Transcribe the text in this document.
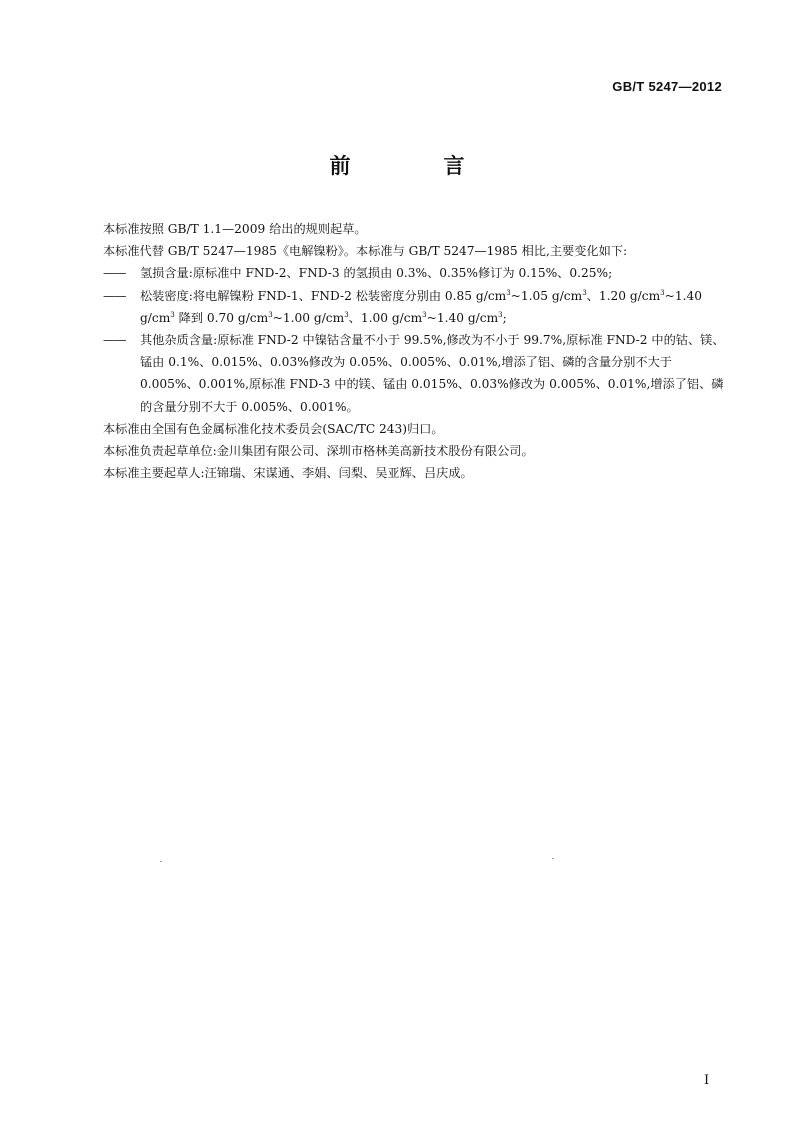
GB/T 5247—2012
前　言

本标准按照 GB/T 1.1—2009 给出的规则起草。

本标准代替 GB/T 5247—1985《电解镍粉》。本标准与 GB/T 5247—1985 相比,主要变化如下:

—— 氢损含量:原标准中 FND-2、FND-3 的氢损由 0.3%、0.35%修订为 0.15%、0.25%;

—— 松装密度:将电解镍粉 FND-1、FND-2 松装密度分别由 0.85 $g/cm^3\sim 1.05$ $g/cm^3$、1.20 $g/cm^3\sim 1.40$ $g/cm^3$ 降到 0.70 $g/cm^3\sim 1.00$ $g/cm^3$、1.00 $g/cm^3\sim 1.40$ $g/cm^3$;

—— 其他杂质含量:原标准 FND-2 中镍钴含量不小于 99.5%,修改为不小于 99.7%,原标准 FND-2 中的钴、镁、锰由 0.1%、0.015%、0.03%修改为 0.05%、0.005%、0.01%,增添了铝、磷的含量分别不大于 0.005%、0.001%,原标准 FND-3 中的镁、锰由 0.015%、0.03%修改为 0.005%、0.01%,增添了铝、磷的含量分别不大于 0.005%、0.001%。

本标准由全国有色金属标准化技术委员会(SAC/TC 243)归口。

本标准负责起草单位:金川集团有限公司、深圳市格林美高新技术股份有限公司。

本标准主要起草人:汪锦瑞、宋谋通、李娟、闫梨、吴亚辉、吕庆成。

I
